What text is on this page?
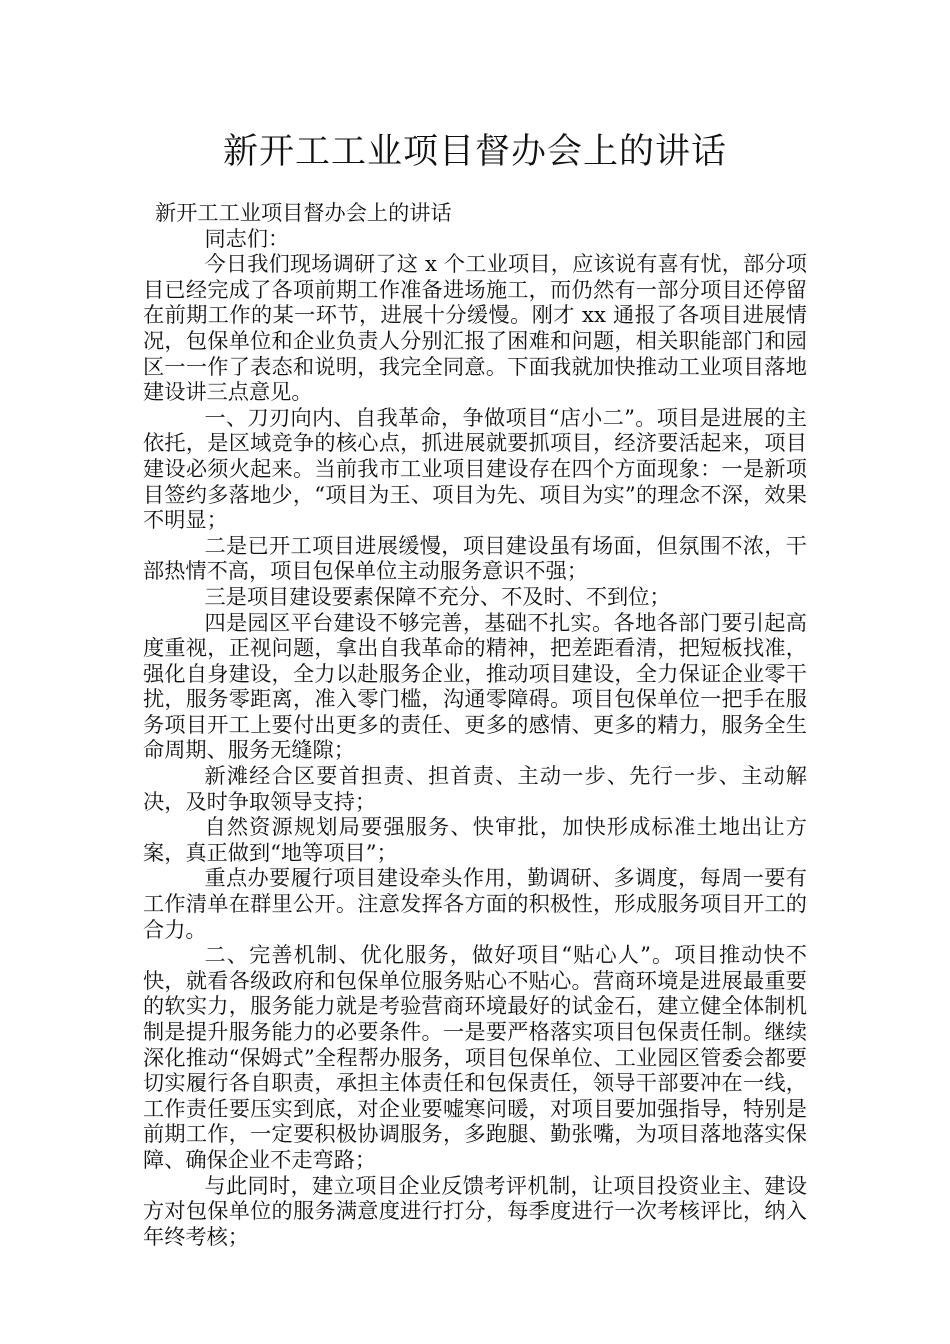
新开工工业项目督办会上的讲话

新开工工业项目督办会上的讲话

同志们：

今日我们现场调研了这 x 个工业项目，应该说有喜有忧，部分项目已经完成了各项前期工作准备进场施工，而仍然有一部分项目还停留在前期工作的某一环节，进展十分缓慢。刚才 xx 通报了各项目进展情况，包保单位和企业负责人分别汇报了困难和问题，相关职能部门和园区一一作了表态和说明，我完全同意。下面我就加快推动工业项目落地建设讲三点意见。

一、刀刃向内、自我革命，争做项目“店小二”。项目是进展的主依托，是区域竞争的核心点，抓进展就要抓项目，经济要活起来，项目建设必须火起来。当前我市工业项目建设存在四个方面现象：一是新项目签约多落地少，“项目为王、项目为先、项目为实”的理念不深，效果不明显；

二是已开工项目进展缓慢，项目建设虽有场面，但氛围不浓，干部热情不高，项目包保单位主动服务意识不强；

三是项目建设要素保障不充分、不及时、不到位；

四是园区平台建设不够完善，基础不扎实。各地各部门要引起高度重视，正视问题，拿出自我革命的精神，把差距看清，把短板找准，强化自身建设，全力以赴服务企业，推动项目建设，全力保证企业零干扰，服务零距离，准入零门槛，沟通零障碍。项目包保单位一把手在服务项目开工上要付出更多的责任、更多的感情、更多的精力，服务全生命周期、服务无缝隙；

新滩经合区要首担责、担首责、主动一步、先行一步、主动解决，及时争取领导支持；

自然资源规划局要强服务、快审批，加快形成标准土地出让方案，真正做到“地等项目”；

重点办要履行项目建设牵头作用，勤调研、多调度，每周一要有工作清单在群里公开。注意发挥各方面的积极性，形成服务项目开工的合力。

二、完善机制、优化服务，做好项目“贴心人”。项目推动快不快，就看各级政府和包保单位服务贴心不贴心。营商环境是进展最重要的软实力，服务能力就是考验营商环境最好的试金石，建立健全体制机制是提升服务能力的必要条件。一是要严格落实项目包保责任制。继续深化推动“保姆式”全程帮办服务，项目包保单位、工业园区管委会都要切实履行各自职责，承担主体责任和包保责任，领导干部要冲在一线，工作责任要压实到底，对企业要嘘寒问暖，对项目要加强指导，特别是前期工作，一定要积极协调服务，多跑腿、勤张嘴，为项目落地落实保障、确保企业不走弯路；

与此同时，建立项目企业反馈考评机制，让项目投资业主、建设方对包保单位的服务满意度进行打分，每季度进行一次考核评比，纳入年终考核；
